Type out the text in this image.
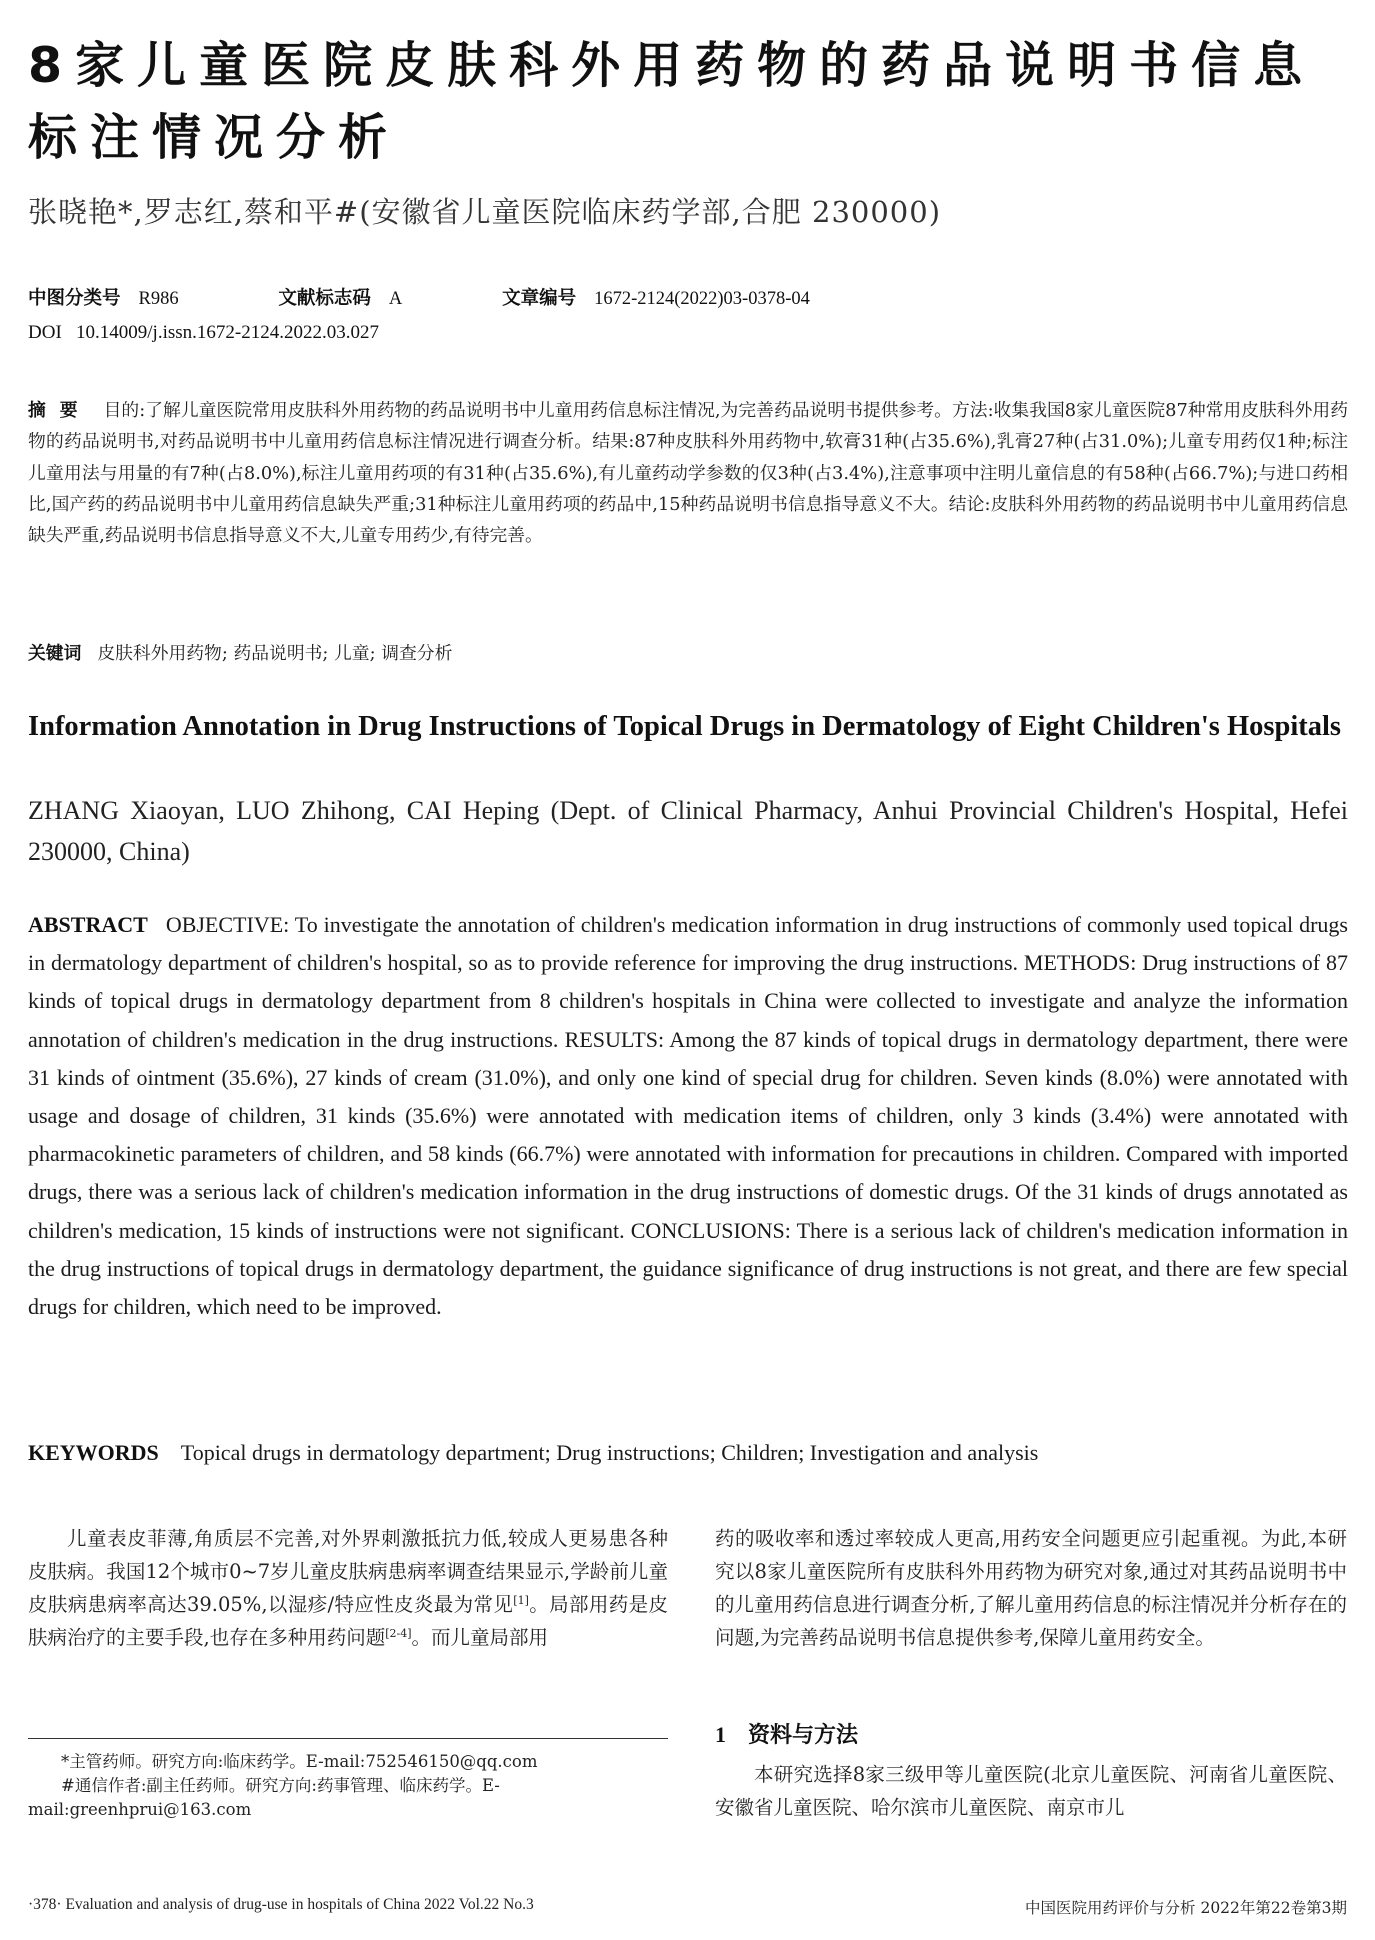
8家儿童医院皮肤科外用药物的药品说明书信息标注情况分析
张晓艳*,罗志红,蔡和平#(安徽省儿童医院临床药学部,合肥 230000)
中图分类号 R986	文献标志码 A	文章编号 1672-2124(2022)03-0378-04
DOI 10.14009/j.issn.1672-2124.2022.03.027
摘要 目的:了解儿童医院常用皮肤科外用药物的药品说明书中儿童用药信息标注情况,为完善药品说明书提供参考。方法:收集我国8家儿童医院87种常用皮肤科外用药物的药品说明书,对药品说明书中儿童用药信息标注情况进行调查分析。结果:87种皮肤科外用药物中,软膏31种(占35.6%),乳膏27种(占31.0%);儿童专用药仅1种;标注儿童用法与用量的有7种(占8.0%),标注儿童用药项的有31种(占35.6%),有儿童药动学参数的仅3种(占3.4%),注意事项中注明儿童信息的有58种(占66.7%);与进口药相比,国产药的药品说明书中儿童用药信息缺失严重;31种标注儿童用药项的药品中,15种药品说明书信息指导意义不大。结论:皮肤科外用药物的药品说明书中儿童用药信息缺失严重,药品说明书信息指导意义不大,儿童专用药少,有待完善。
关键词 皮肤科外用药物; 药品说明书; 儿童; 调查分析
Information Annotation in Drug Instructions of Topical Drugs in Dermatology of Eight Children's Hospitals
ZHANG Xiaoyan, LUO Zhihong, CAI Heping (Dept. of Clinical Pharmacy, Anhui Provincial Children's Hospital, Hefei 230000, China)
ABSTRACT OBJECTIVE: To investigate the annotation of children's medication information in drug instructions of commonly used topical drugs in dermatology department of children's hospital, so as to provide reference for improving the drug instructions. METHODS: Drug instructions of 87 kinds of topical drugs in dermatology department from 8 children's hospitals in China were collected to investigate and analyze the information annotation of children's medication in the drug instructions. RESULTS: Among the 87 kinds of topical drugs in dermatology department, there were 31 kinds of ointment (35.6%), 27 kinds of cream (31.0%), and only one kind of special drug for children. Seven kinds (8.0%) were annotated with usage and dosage of children, 31 kinds (35.6%) were annotated with medication items of children, only 3 kinds (3.4%) were annotated with pharmacokinetic parameters of children, and 58 kinds (66.7%) were annotated with information for precautions in children. Compared with imported drugs, there was a serious lack of children's medication information in the drug instructions of domestic drugs. Of the 31 kinds of drugs annotated as children's medication, 15 kinds of instructions were not significant. CONCLUSIONS: There is a serious lack of children's medication information in the drug instructions of topical drugs in dermatology department, the guidance significance of drug instructions is not great, and there are few special drugs for children, which need to be improved.
KEYWORDS Topical drugs in dermatology department; Drug instructions; Children; Investigation and analysis

儿童表皮菲薄,角质层不完善,对外界刺激抵抗力低,较成人更易患各种皮肤病。我国12个城市0~7岁儿童皮肤病患病率调查结果显示,学龄前儿童皮肤病患病率高达39.05%,以湿疹/特应性皮炎最为常见[1]。局部用药是皮肤病治疗的主要手段,也存在多种用药问题[2-4]。而儿童局部用

*主管药师。研究方向:临床药学。E-mail:752546150@qq.com

#通信作者:副主任药师。研究方向:药事管理、临床药学。E-mail:greenhprui@163.com

药的吸收率和透过率较成人更高,用药安全问题更应引起重视。为此,本研究以8家儿童医院所有皮肤科外用药物为研究对象,通过对其药品说明书中的儿童用药信息进行调查分析,了解儿童用药信息的标注情况并分析存在的问题,为完善药品说明书信息提供参考,保障儿童用药安全。

1 资料与方法

本研究选择8家三级甲等儿童医院(北京儿童医院、河南省儿童医院、安徽省儿童医院、哈尔滨市儿童医院、南京市儿

·378· Evaluation and analysis of drug-use in hospitals of China 2022 Vol.22 No.3	中国医院用药评价与分析 2022年第22卷第3期
